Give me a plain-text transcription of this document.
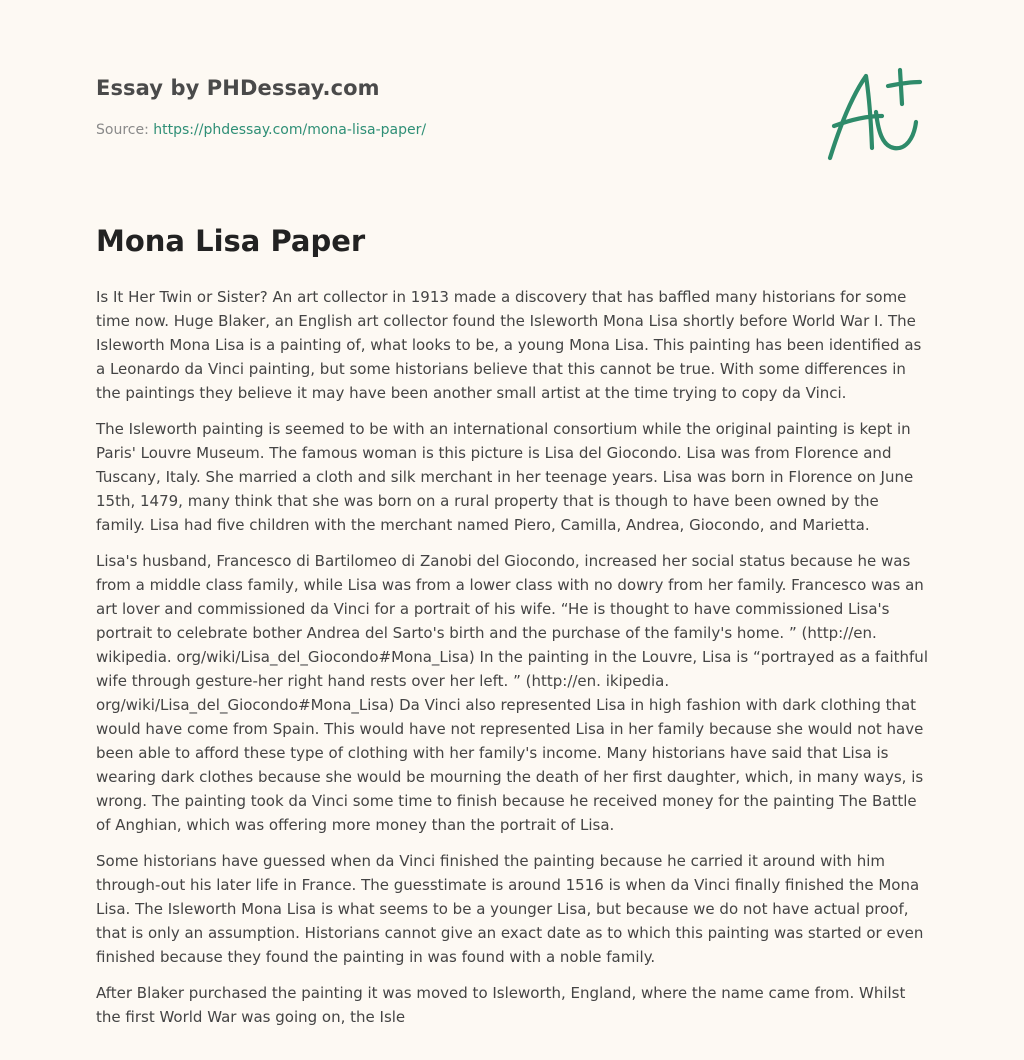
Essay by PHDessay.com
Source: https://phdessay.com/mona-lisa-paper/
Mona Lisa Paper

Is It Her Twin or Sister? An art collector in 1913 made a discovery that has baffled many historians for some time now. Huge Blaker, an English art collector found the Isleworth Mona Lisa shortly before World War I. The Isleworth Mona Lisa is a painting of, what looks to be, a young Mona Lisa. This painting has been identified as a Leonardo da Vinci painting, but some historians believe that this cannot be true. With some differences in the paintings they believe it may have been another small artist at the time trying to copy da Vinci.

The Isleworth painting is seemed to be with an international consortium while the original painting is kept in Paris' Louvre Museum. The famous woman is this picture is Lisa del Giocondo. Lisa was from Florence and Tuscany, Italy. She married a cloth and silk merchant in her teenage years. Lisa was born in Florence on June 15th, 1479, many think that she was born on a rural property that is though to have been owned by the family. Lisa had five children with the merchant named Piero, Camilla, Andrea, Giocondo, and Marietta.

Lisa's husband, Francesco di Bartilomeo di Zanobi del Giocondo, increased her social status because he was from a middle class family, while Lisa was from a lower class with no dowry from her family. Francesco was an art lover and commissioned da Vinci for a portrait of his wife. “He is thought to have commissioned Lisa's portrait to celebrate bother Andrea del Sarto's birth and the purchase of the family's home. ” (http://en. wikipedia. org/wiki/Lisa_del_Giocondo#Mona_Lisa) In the painting in the Louvre, Lisa is “portrayed as a faithful wife through gesture-her right hand rests over her left. ” (http://en. ikipedia. org/wiki/Lisa_del_Giocondo#Mona_Lisa) Da Vinci also represented Lisa in high fashion with dark clothing that would have come from Spain. This would have not represented Lisa in her family because she would not have been able to afford these type of clothing with her family's income. Many historians have said that Lisa is wearing dark clothes because she would be mourning the death of her first daughter, which, in many ways, is wrong. The painting took da Vinci some time to finish because he received money for the painting The Battle of Anghian, which was offering more money than the portrait of Lisa.

Some historians have guessed when da Vinci finished the painting because he carried it around with him through-out his later life in France. The guesstimate is around 1516 is when da Vinci finally finished the Mona Lisa. The Isleworth Mona Lisa is what seems to be a younger Lisa, but because we do not have actual proof, that is only an assumption. Historians cannot give an exact date as to which this painting was started or even finished because they found the painting in was found with a noble family.

After Blaker purchased the painting it was moved to Isleworth, England, where the name came from. Whilst the first World War was going on, the Isle
